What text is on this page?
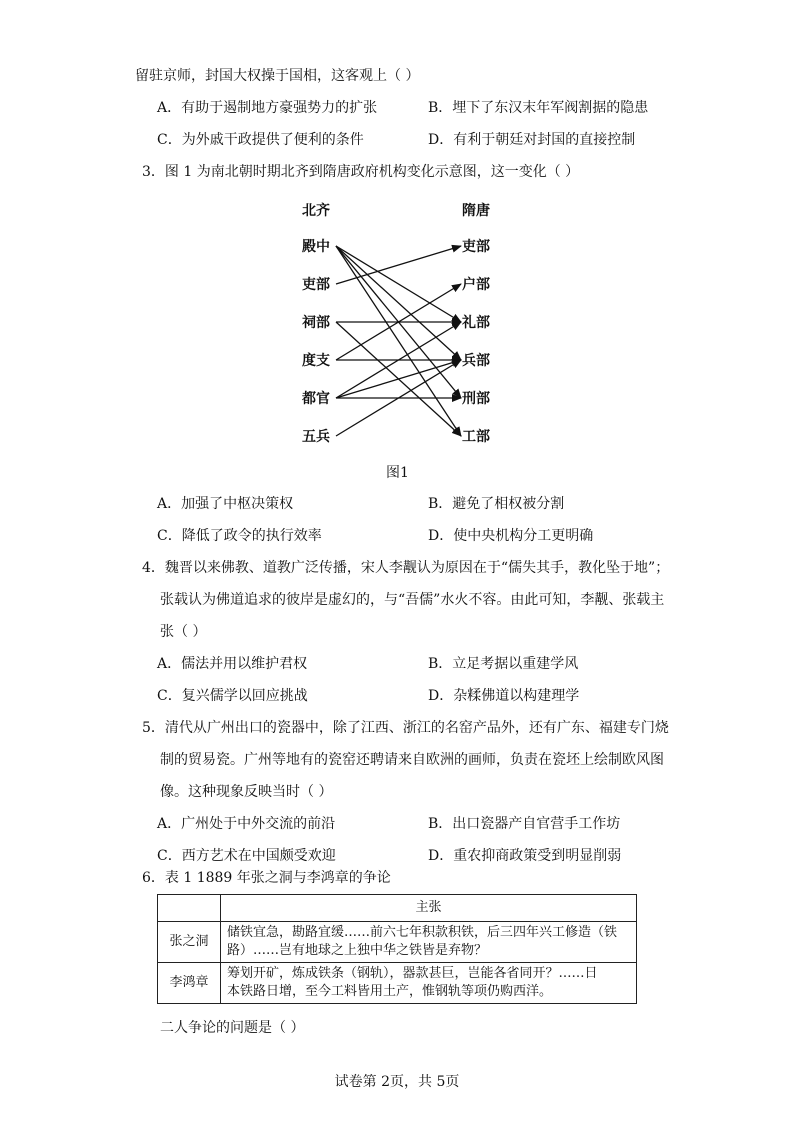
留驻京师，封国大权操于国相，这客观上（ ）
A．有助于遏制地方豪强势力的扩张	B．埋下了东汉末年军阀割据的隐患
C．为外戚干政提供了便利的条件	D．有利于朝廷对封国的直接控制
3．图 1 为南北朝时期北齐到隋唐政府机构变化示意图，这一变化（ ）
北齐	隋唐
殿中
吏部
祠部
度支
都官
五兵
吏部
户部
礼部
兵部
刑部
工部
图1
A．加强了中枢决策权	B．避免了相权被分割
C．降低了政令的执行效率	D．使中央机构分工更明确
4．魏晋以来佛教、道教广泛传播，宋人李觏认为原因在于“儒失其手，教化坠于地”；
张载认为佛道追求的彼岸是虚幻的，与“吾儒”水火不容。由此可知，李觏、张载主
张（ ）
A．儒法并用以维护君权	B．立足考据以重建学风
C．复兴儒学以回应挑战	D．杂糅佛道以构建理学
5．清代从广州出口的瓷器中，除了江西、浙江的名窑产品外，还有广东、福建专门烧
制的贸易瓷。广州等地有的瓷窑还聘请来自欧洲的画师，负责在瓷坯上绘制欧风图
像。这种现象反映当时（ ）
A．广州处于中外交流的前沿	B．出口瓷器产自官营手工作坊
C．西方艺术在中国颇受欢迎	D．重农抑商政策受到明显削弱
6．表 1 1889 年张之洞与李鸿章的争论
	主张
张之洞	储铁宜急，勘路宜缓……前六七年积款积铁，后三四年兴工修造（铁
路）……岂有地球之上独中华之铁皆是弃物？

李鸿章	筹划开矿，炼成铁条（钢轨），器款甚巨，岂能各省同开？……日
本铁路日增，至今工料皆用土产，惟钢轨等项仍购西洋。
二人争论的问题是（ ）
试卷第 2页，共 5页
